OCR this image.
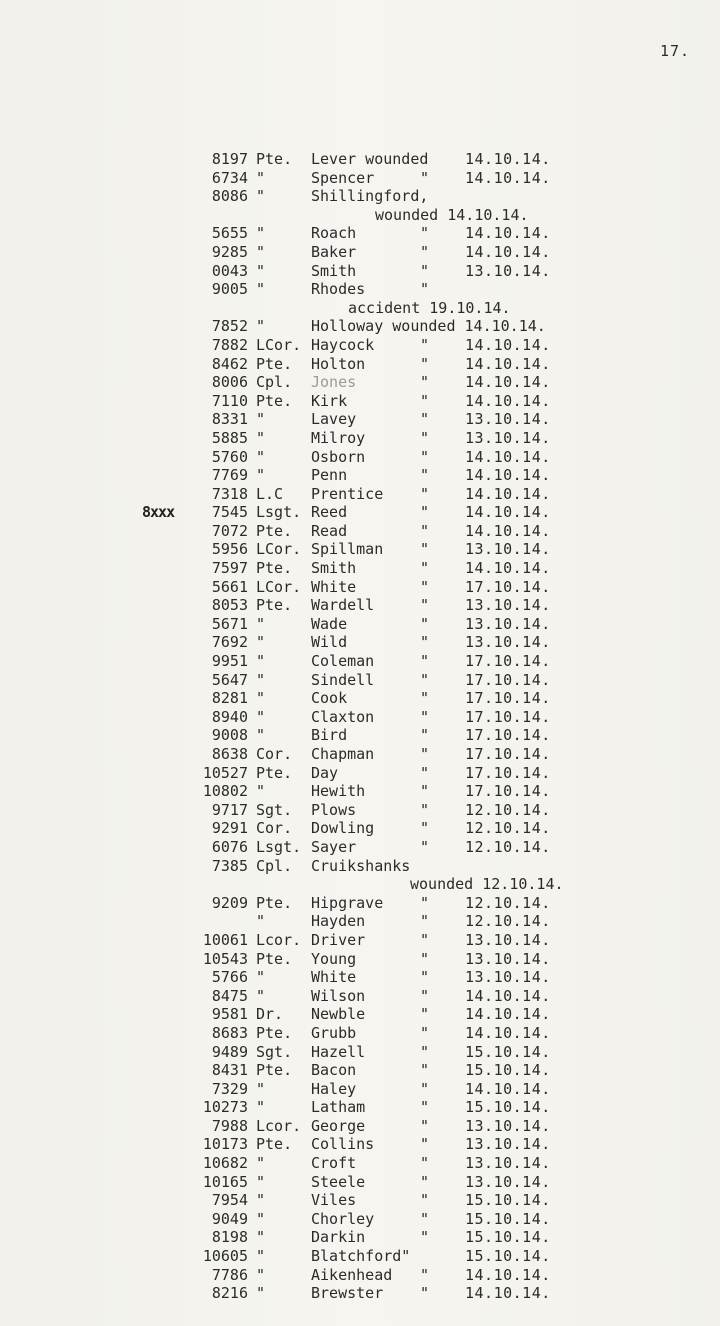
17.
8197 Pte. Lever wounded 14.10.14.
6734 "	Spencer	" 14.10.14.
8086 "	Shillingford,
wounded 14.10.14.
5655 "	Roach	" 14.10.14.
9285 "	Baker	" 14.10.14.
0043 "	Smith	" 13.10.14.
9005 "	Rhodes	"
accident 19.10.14.
7852 "	Holloway wounded 14.10.14.
7882 LCor. Haycock	" 14.10.14.
8462 Pte. Holton	" 14.10.14.
8006 Cpl. Jones	" 14.10.14.
7110 Pte. Kirk	" 14.10.14.
8331 "	Lavey	" 13.10.14.
5885 "	Milroy	" 13.10.14.
5760 "	Osborn	" 14.10.14.
7769 "	Penn	" 14.10.14.
7318 L.C Prentice " 14.10.14.
8xxx	7545 Lsgt. Reed	" 14.10.14.
7072 Pte. Read	" 14.10.14.
5956 LCor. Spillman " 13.10.14.
7597 Pte. Smith	" 14.10.14.
5661 LCor. White	" 17.10.14.
8053 Pte. Wardell	" 13.10.14.
5671 "	Wade	" 13.10.14.
7692 "	Wild	" 13.10.14.
9951 "	Coleman	" 17.10.14.
5647 "	Sindell	" 17.10.14.
8281 "	Cook	" 17.10.14.
8940 "	Claxton	" 17.10.14.
9008 "	Bird	" 17.10.14.
8638 Cor. Chapman	" 17.10.14.
10527 Pte. Day	" 17.10.14.
10802 "	Hewith	" 17.10.14.
9717 Sgt. Plows	" 12.10.14.
9291 Cor. Dowling	" 12.10.14.
6076 Lsgt. Sayer	" 12.10.14.
7385 Cpl. Cruikshanks
wounded 12.10.14.
9209 Pte. Hipgrave " 12.10.14.
"	Hayden	" 12.10.14.
10061 Lcor. Driver	" 13.10.14.
10543 Pte. Young	" 13.10.14.
5766 "	White	" 13.10.14.
8475 "	Wilson	" 14.10.14.
9581 Dr. Newble	" 14.10.14.
8683 Pte. Grubb	" 14.10.14.
9489 Sgt. Hazell	" 15.10.14.
8431 Pte. Bacon	" 15.10.14.
7329 "	Haley	" 14.10.14.
10273 "	Latham	" 15.10.14.
7988 Lcor. George	" 13.10.14.
10173 Pte. Collins	" 13.10.14.
10682 "	Croft	" 13.10.14.
10165 "	Steele	" 13.10.14.
7954 "	Viles	" 15.10.14.
9049 "	Chorley	" 15.10.14.
8198 "	Darkin	" 15.10.14.
10605 "	Blatchford"	15.10.14.
7786 "	Aikenhead " 14.10.14.
8216 "	Brewster " 14.10.14.
